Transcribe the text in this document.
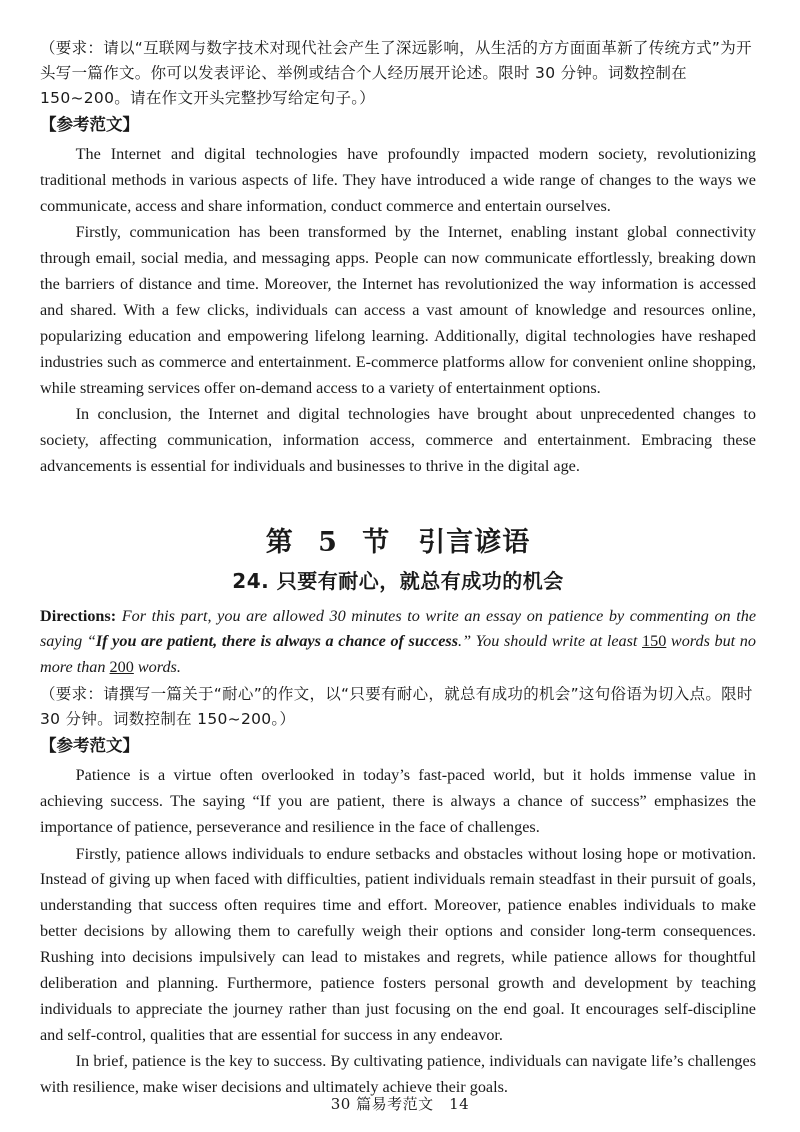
（要求：请以“互联网与数字技术对现代社会产生了深远影响，从生活的方方面面革新了传统方式”为开头写一篇作文。你可以发表评论、举例或结合个人经历展开论述。限时 30 分钟。词数控制在 150~200。请在作文开头完整抄写给定句子。）

【参考范文】

The Internet and digital technologies have profoundly impacted modern society, revolutionizing traditional methods in various aspects of life. They have introduced a wide range of changes to the ways we communicate, access and share information, conduct commerce and entertain ourselves.

Firstly, communication has been transformed by the Internet, enabling instant global connectivity through email, social media, and messaging apps. People can now communicate effortlessly, breaking down the barriers of distance and time. Moreover, the Internet has revolutionized the way information is accessed and shared. With a few clicks, individuals can access a vast amount of knowledge and resources online, popularizing education and empowering lifelong learning. Additionally, digital technologies have reshaped industries such as commerce and entertainment. E-commerce platforms allow for convenient online shopping, while streaming services offer on-demand access to a variety of entertainment options.

In conclusion, the Internet and digital technologies have brought about unprecedented changes to society, affecting communication, information access, commerce and entertainment. Embracing these advancements is essential for individuals and businesses to thrive in the digital age.

第 5 节　引言谚语
24. 只要有耐心，就总有成功的机会

Directions: For this part, you are allowed 30 minutes to write an essay on patience by commenting on the saying “If you are patient, there is always a chance of success.” You should write at least 150 words but no more than 200 words.

（要求：请撰写一篇关于“耐心”的作文，以“只要有耐心，就总有成功的机会”这句俗语为切入点。限时 30 分钟。词数控制在 150~200。）

【参考范文】

Patience is a virtue often overlooked in today’s fast-paced world, but it holds immense value in achieving success. The saying “If you are patient, there is always a chance of success” emphasizes the importance of patience, perseverance and resilience in the face of challenges.

Firstly, patience allows individuals to endure setbacks and obstacles without losing hope or motivation. Instead of giving up when faced with difficulties, patient individuals remain steadfast in their pursuit of goals, understanding that success often requires time and effort. Moreover, patience enables individuals to make better decisions by allowing them to carefully weigh their options and consider long-term consequences. Rushing into decisions impulsively can lead to mistakes and regrets, while patience allows for thoughtful deliberation and planning. Furthermore, patience fosters personal growth and development by teaching individuals to appreciate the journey rather than just focusing on the end goal. It encourages self-discipline and self-control, qualities that are essential for success in any endeavor.

In brief, patience is the key to success. By cultivating patience, individuals can navigate life’s challenges with resilience, make wiser decisions and ultimately achieve their goals.

30 篇易考范文　14
